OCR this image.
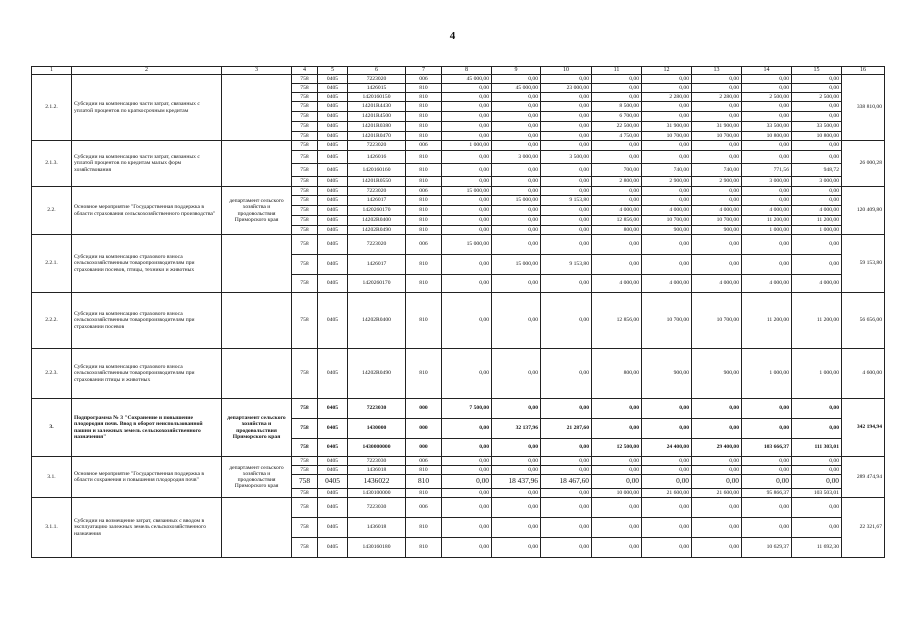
4
1	2	3	4	5	6	7	8	9	10	11	12	13	14	15	16
2.1.2.	Субсидии на компенсацию части затрат, связанных с уплатой процентов по краткосрочным кредитам		758	0405	7223020	006	45 000,00	0,00	0,00	0,00	0,00	0,00	0,00	0,00	338 810,00
			758	0405	1426015	810	0,00	45 000,00	23 000,00	0,00	0,00	0,00	0,00	0,00	
			758	0405	1420160150	810	0,00	0,00	0,00	0,00	2 280,00	2 280,00	2 500,00	2 500,00	
			758	0405	14201R4430	810	0,00	0,00	0,00	8 500,00	0,00	0,00	0,00	0,00	
			758	0405	14201R4500	810	0,00	0,00	0,00	6 700,00	0,00	0,00	0,00	0,00	
			758	0405	14201R0380	810	0,00	0,00	0,00	22 500,00	31 900,00	31 900,00	33 500,00	33 500,00	
			758	0405	14201R0470	810	0,00	0,00	0,00	4 750,00	10 700,00	10 700,00	10 800,00	10 800,00	
2.1.3.	Субсидии на компенсацию части затрат, связанных с уплатой процентов по кредитам малых форм хозяйствования		758	0405	7223020	006	1 000,00	0,00	0,00	0,00	0,00	0,00	0,00	0,00	26 000,28
			758	0405	1426016	810	0,00	3 000,00	3 500,00	0,00	0,00	0,00	0,00	0,00	
			758	0405	1420160160	810	0,00	0,00	0,00	700,00	740,00	740,00	771,56	948,72	
			758	0405	14201R0550	810	0,00	0,00	0,00	2 800,00	2 900,00	2 900,00	3 000,00	3 000,00	
2.2.	Основное мероприятие "Государственная поддержка в области страхования сельскохозяйственного производства"	департамент сельского хозяйства и продовольствия Приморского края	758	0405	7223020	006	15 000,00	0,00	0,00	0,00	0,00	0,00	0,00	0,00	120 409,80
			758	0405	1426017	810	0,00	15 000,00	9 153,80	0,00	0,00	0,00	0,00	0,00	
			758	0405	1420260170	810	0,00	0,00	0,00	4 000,00	4 000,00	4 000,00	4 000,00	4 000,00	
			758	0405	14202R0400	810	0,00	0,00	0,00	12 856,00	10 700,00	10 700,00	11 200,00	11 200,00	
			758	0405	14202R0490	810	0,00	0,00	0,00	800,00	900,00	900,00	1 000,00	1 000,00	
2.2.1.	Субсидии на компенсацию страхового взноса сельскохозяйственным товаропроизводителям при страховании посевов, птицы, техники и животных		758	0405	7223020	006	15 000,00	0,00	0,00	0,00	0,00	0,00	0,00	0,00	59 153,80
			758	0405	1426017	810	0,00	15 000,00	9 153,80	0,00	0,00	0,00	0,00	0,00	
			758	0405	1420260170	810	0,00	0,00	0,00	4 000,00	4 000,00	4 000,00	4 000,00	4 000,00	
2.2.2.	Субсидии на компенсацию страхового взноса сельскохозяйственным товаропроизводителям при страховании посевов		758	0405	14202R0400	810	0,00	0,00	0,00	12 856,00	10 700,00	10 700,00	11 200,00	11 200,00	56 656,00
2.2.3.	Субсидии на компенсацию страхового взноса сельскохозяйственным товаропроизводителям при страховании птицы и животных		758	0405	14202R0490	810	0,00	0,00	0,00	800,00	900,00	900,00	1 000,00	1 000,00	4 600,00
3.	Подпрограмма № 3 "Сохранение и повышение плодородия почв. Ввод в оборот неиспользованной пашни и залежных земель сельскохозяйственного назначения"	департамент сельского хозяйства и продовольствия Приморского края	758	0405	7223030	000	7 500,00	0,00	0,00	0,00	0,00	0,00	0,00	0,00	342 194,94
			758	0405	1430000	000	0,00	32 137,96	21 287,60	0,00	0,00	0,00	0,00	0,00	
			758	0405	1430000000	000	0,00	0,00	0,00	12 500,00	24 400,00	29 400,00	103 666,37	111 303,01	
3.1.	Основное мероприятие "Государственная поддержка в области сохранения и повышения плодородия почв"	департамент сельского хозяйства и продовольствия Приморского края	758	0405	7223030	006	0,00	0,00	0,00	0,00	0,00	0,00	0,00	0,00	289 474,94
			758	0405	1436018	810	0,00	0,00	0,00	0,00	0,00	0,00	0,00	0,00	
			758	0405	1436022	810	0,00	18 437,96	18 467,60	0,00	0,00	0,00	0,00	0,00	
			758	0405	1430100000	810	0,00	0,00	0,00	10 000,00	21 600,00	21 600,00	95 866,37	103 503,01	
3.1.1.	Субсидии на возмещение затрат, связанных с вводом в эксплуатацию залежных земель сельскохозяйственного назначения		758	0405	7223030	006	0,00	0,00	0,00	0,00	0,00	0,00	0,00	0,00	22 321,67
			758	0405	1436018	810	0,00	0,00	0,00	0,00	0,00	0,00	0,00	0,00	
			758	0405	1430160180	810	0,00	0,00	0,00	0,00	0,00	0,00	10 629,37	11 692,30	
